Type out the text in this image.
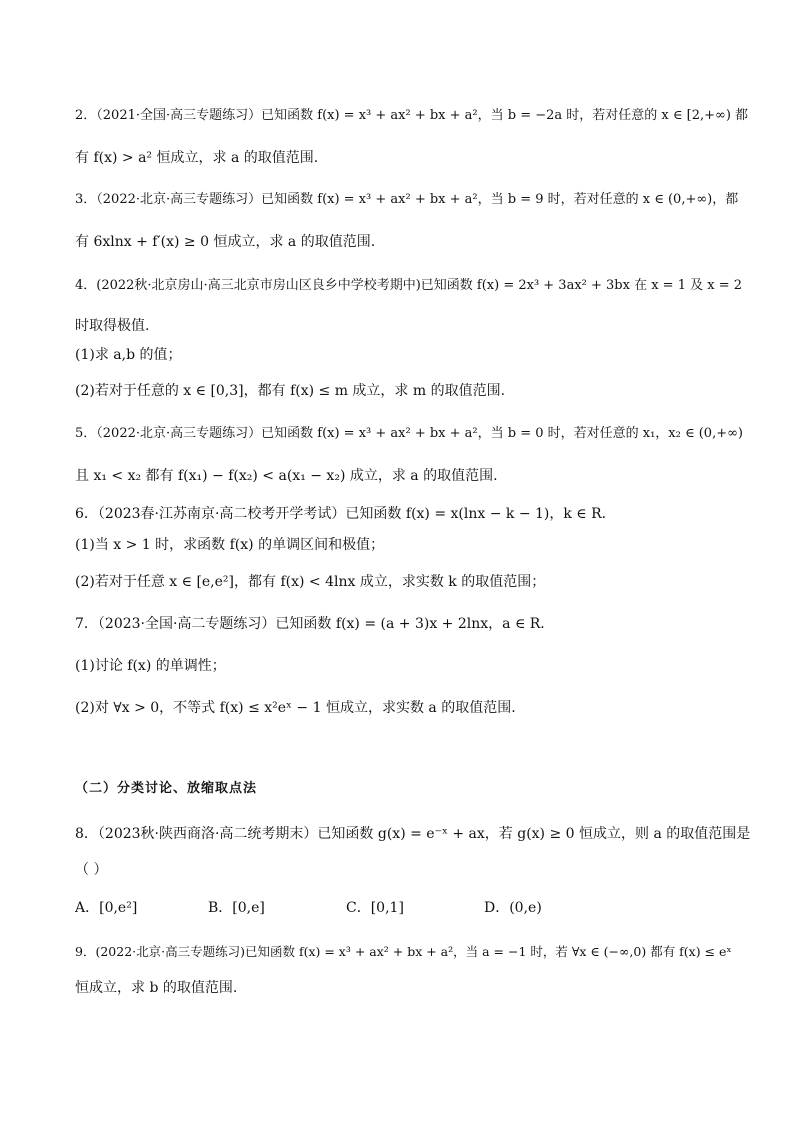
2．（2021·全国·高三专题练习）已知函数 f(x) = x³ + ax² + bx + a²，当 b = −2a 时，若对任意的 x ∈ [2,+∞) 都
有 f(x) > a² 恒成立，求 a 的取值范围.
3．（2022·北京·高三专题练习）已知函数 f(x) = x³ + ax² + bx + a²，当 b = 9 时，若对任意的 x ∈ (0,+∞)，都
有 6xlnx + f′(x) ≥ 0 恒成立，求 a 的取值范围.
4．(2022秋·北京房山·高三北京市房山区良乡中学校考期中)已知函数 f(x) = 2x³ + 3ax² + 3bx 在 x = 1 及 x = 2
时取得极值.
(1)求 a,b 的值；
(2)若对于任意的 x ∈ [0,3]，都有 f(x) ≤ m 成立，求 m 的取值范围.
5．（2022·北京·高三专题练习）已知函数 f(x) = x³ + ax² + bx + a²，当 b = 0 时，若对任意的 x₁，x₂ ∈ (0,+∞)
且 x₁ < x₂ 都有 f(x₁) − f(x₂) < a(x₁ − x₂) 成立，求 a 的取值范围.
6．（2023春·江苏南京·高二校考开学考试）已知函数 f(x) = x(lnx − k − 1)，k ∈ R．
(1)当 x > 1 时，求函数 f(x) 的单调区间和极值；
(2)若对于任意 x ∈ [e,e²]，都有 f(x) < 4lnx 成立，求实数 k 的取值范围；
7．（2023·全国·高二专题练习）已知函数 f(x) = (a + 3)x + 2lnx，a ∈ R．
(1)讨论 f(x) 的单调性；
(2)对 ∀x > 0，不等式 f(x) ≤ x²eˣ − 1 恒成立，求实数 a 的取值范围.
（二）分类讨论、放缩取点法
8．（2023秋·陕西商洛·高二统考期末）已知函数 g(x) = e⁻ˣ + ax，若 g(x) ≥ 0 恒成立，则 a 的取值范围是
（ ）
A．[0,e²]	B．[0,e]	C．[0,1]	D．(0,e)
9．(2022·北京·高三专题练习)已知函数 f(x) = x³ + ax² + bx + a²，当 a = −1 时，若 ∀x ∈ (−∞,0) 都有 f(x) ≤ eˣ
恒成立，求 b 的取值范围.
